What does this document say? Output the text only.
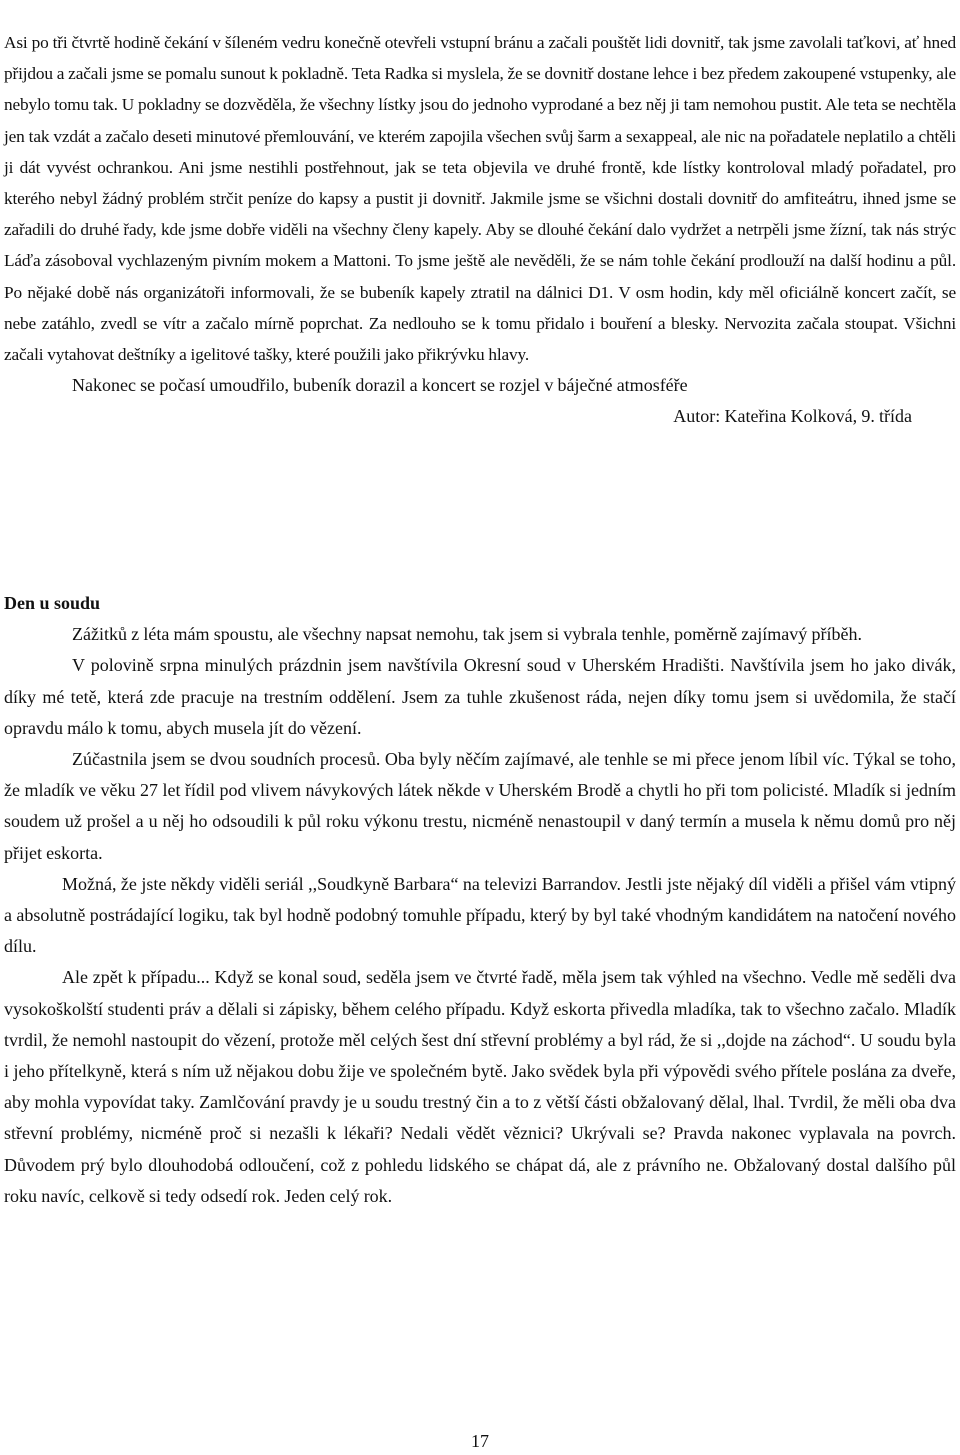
Asi po tři čtvrtě hodině čekání v šíleném vedru konečně otevřeli vstupní bránu a začali pouštět lidi dovnitř, tak jsme zavolali taťkovi, ať hned přijdou a začali jsme se pomalu sunout k pokladně. Teta Radka si myslela, že se dovnitř dostane lehce i bez předem zakoupené vstupenky, ale nebylo tomu tak. U pokladny se dozvěděla, že všechny lístky jsou do jednoho vyprodané a bez něj ji tam nemohou pustit. Ale teta se nechtěla jen tak vzdát a začalo deseti minutové přemlouvání, ve kterém zapojila všechen svůj šarm a sexappeal, ale nic na pořadatele neplatilo a chtěli ji dát vyvést ochrankou. Ani jsme nestihli postřehnout, jak se teta objevila ve druhé frontě, kde lístky kontroloval mladý pořadatel, pro kterého nebyl žádný problém strčit peníze do kapsy a pustit ji dovnitř. Jakmile jsme se všichni dostali dovnitř do amfiteátru, ihned jsme se zařadili do druhé řady, kde jsme dobře viděli na všechny členy kapely. Aby se dlouhé čekání dalo vydržet a netrpěli jsme žízní, tak nás strýc Láďa zásoboval vychlazeným pivním mokem a Mattoni. To jsme ještě ale nevěděli, že se nám tohle čekání prodlouží na další hodinu a půl. Po nějaké době nás organizátoři informovali, že se bubeník kapely ztratil na dálnici D1. V osm hodin, kdy měl oficiálně koncert začít, se nebe zatáhlo, zvedl se vítr a začalo mírně poprchat. Za nedlouho se k tomu přidalo i bouření a blesky. Nervozita začala stoupat. Všichni začali vytahovat deštníky a igelitové tašky, které použili jako přikrývku hlavy.

Nakonec se počasí umoudřilo, bubeník dorazil a koncert se rozjel v báječné atmosféře

Autor: Kateřina Kolková, 9. třída

Den u soudu

Zážitků z léta mám spoustu, ale všechny napsat nemohu, tak jsem si vybrala tenhle, poměrně zajímavý příběh.

V polovině srpna minulých prázdnin jsem navštívila Okresní soud v Uherském Hradišti. Navštívila jsem ho jako divák, díky mé tetě, která zde pracuje na trestním oddělení. Jsem za tuhle zkušenost ráda, nejen díky tomu jsem si uvědomila, že stačí opravdu málo k tomu, abych musela jít do vězení.

Zúčastnila jsem se dvou soudních procesů. Oba byly něčím zajímavé, ale tenhle se mi přece jenom líbil víc. Týkal se toho, že mladík ve věku 27 let řídil pod vlivem návykových látek někde v Uherském Brodě a chytli ho při tom policisté. Mladík si jedním soudem už prošel a u něj ho odsoudili k půl roku výkonu trestu, nicméně nenastoupil v daný termín a musela k němu domů pro něj přijet eskorta.

Možná, že jste někdy viděli seriál ,,Soudkyně Barbara“ na televizi Barrandov. Jestli jste nějaký díl viděli a přišel vám vtipný a absolutně postrádající logiku, tak byl hodně podobný tomuhle případu, který by byl také vhodným kandidátem na natočení nového dílu.

Ale zpět k případu... Když se konal soud, seděla jsem ve čtvrté řadě, měla jsem tak výhled na všechno. Vedle mě seděli dva vysokoškolští studenti práv a dělali si zápisky, během celého případu. Když eskorta přivedla mladíka, tak to všechno začalo. Mladík tvrdil, že nemohl nastoupit do vězení, protože měl celých šest dní střevní problémy a byl rád, že si ,,dojde na záchod“. U soudu byla i jeho přítelkyně, která s ním už nějakou dobu žije ve společném bytě. Jako svědek byla při výpovědi svého přítele poslána za dveře, aby mohla vypovídat taky. Zamlčování pravdy je u soudu trestný čin a to z větší části obžalovaný dělal, lhal. Tvrdil, že měli oba dva střevní problémy, nicméně proč si nezašli k lékaři? Nedali vědět věznici? Ukrývali se? Pravda nakonec vyplavala na povrch. Důvodem prý bylo dlouhodobá odloučení, což z pohledu lidského se chápat dá, ale z právního ne. Obžalovaný dostal dalšího půl roku navíc, celkově si tedy odsedí rok. Jeden celý rok.

17
